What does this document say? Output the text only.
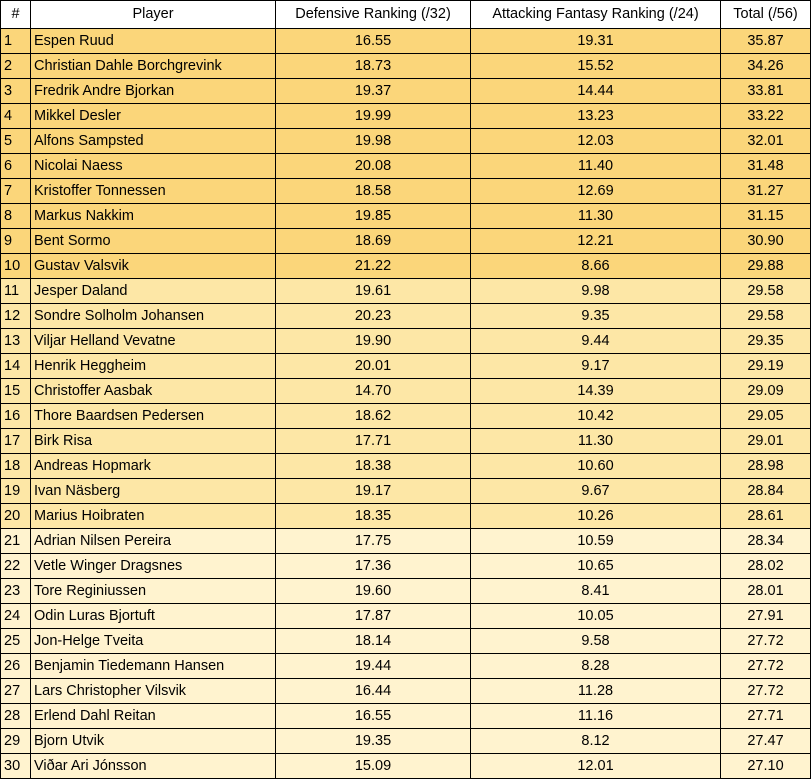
#	Player	Defensive Ranking (/32)	Attacking Fantasy Ranking (/24)	Total (/56)
1	Espen Ruud	16.55	19.31	35.87
2	Christian Dahle Borchgrevink	18.73	15.52	34.26
3	Fredrik Andre Bjorkan	19.37	14.44	33.81
4	Mikkel Desler	19.99	13.23	33.22
5	Alfons Sampsted	19.98	12.03	32.01
6	Nicolai Naess	20.08	11.40	31.48
7	Kristoffer Tonnessen	18.58	12.69	31.27
8	Markus Nakkim	19.85	11.30	31.15
9	Bent Sormo	18.69	12.21	30.90
10	Gustav Valsvik	21.22	8.66	29.88
11	Jesper Daland	19.61	9.98	29.58
12	Sondre Solholm Johansen	20.23	9.35	29.58
13	Viljar Helland Vevatne	19.90	9.44	29.35
14	Henrik Heggheim	20.01	9.17	29.19
15	Christoffer Aasbak	14.70	14.39	29.09
16	Thore Baardsen Pedersen	18.62	10.42	29.05
17	Birk Risa	17.71	11.30	29.01
18	Andreas Hopmark	18.38	10.60	28.98
19	Ivan Näsberg	19.17	9.67	28.84
20	Marius Hoibraten	18.35	10.26	28.61
21	Adrian Nilsen Pereira	17.75	10.59	28.34
22	Vetle Winger Dragsnes	17.36	10.65	28.02
23	Tore Reginiussen	19.60	8.41	28.01
24	Odin Luras Bjortuft	17.87	10.05	27.91
25	Jon-Helge Tveita	18.14	9.58	27.72
26	Benjamin Tiedemann Hansen	19.44	8.28	27.72
27	Lars Christopher Vilsvik	16.44	11.28	27.72
28	Erlend Dahl Reitan	16.55	11.16	27.71
29	Bjorn Utvik	19.35	8.12	27.47
30	Viðar Ari Jónsson	15.09	12.01	27.10
